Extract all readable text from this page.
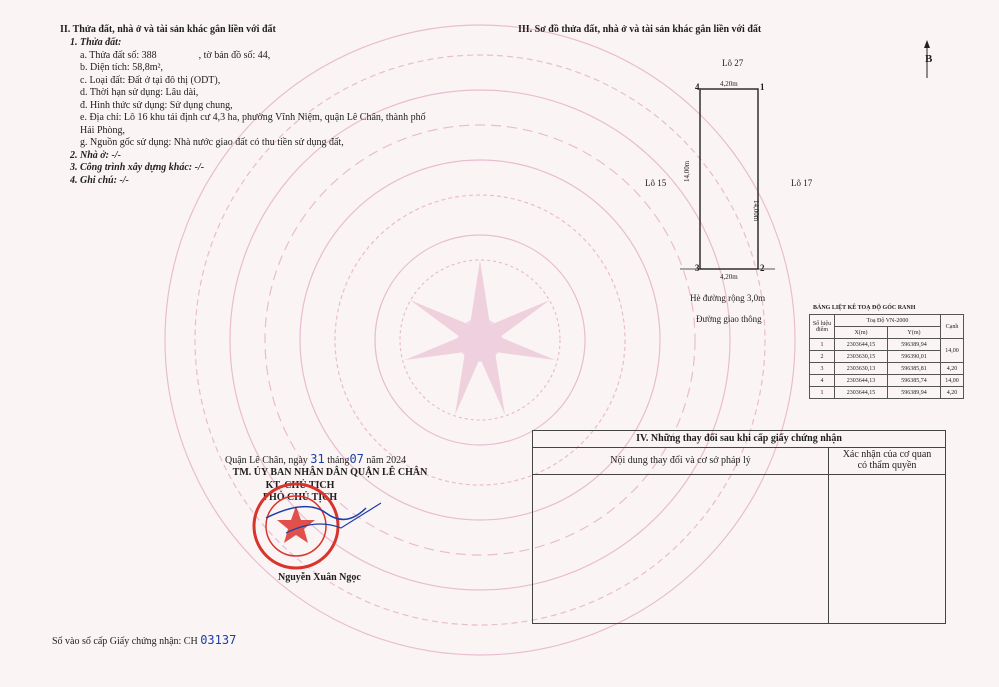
II. Thửa đất, nhà ở và tài sản khác gắn liền với đất
1. Thửa đất:
a. Thửa đất số: 388	, tờ bản đồ số: 44,
b. Diện tích: 58,8m²,
c. Loại đất: Đất ở tại đô thị (ODT),
d. Thời hạn sử dụng: Lâu dài,
đ. Hình thức sử dụng: Sử dụng chung,
e. Địa chỉ: Lô 16 khu tái định cư 4,3 ha, phường Vĩnh Niệm, quận Lê Chân, thành phố
Hải Phòng,
g. Nguồn gốc sử dụng: Nhà nước giao đất có thu tiền sử dụng đất,
2. Nhà ở: -/-
3. Công trình xây dựng khác: -/-
4. Ghi chú: -/-
III. Sơ đồ thửa đất, nhà ở và tài sản khác gắn liền với đất
B
Lô 27
Lô 15	Lô 17
4,20m
4,20m
14,00m
14,00m
1
2
3
4
Hè đường rộng 3,0m
Đường giao thông
BẢNG LIỆT KÊ TOẠ ĐỘ GÓC RANH
Số hiệu điểm	Toạ Độ VN-2000		Cạnh
	X(m)	Y(m)	
1	2303644,15	596389,94	14,00
2	2303630,15	596390,01	
3	2303630,13	596385,81	4,20
4	2303644,13	596385,74	14,00
1	2303644,15	596389,94	4,20
Quận Lê Chân, ngày 31 tháng07 năm 2024
TM. ỦY BAN NHÂN DÂN QUẬN LÊ CHÂN
KT. CHỦ TỊCH
PHÓ CHỦ TỊCH
Nguyễn Xuân Ngọc
IV. Những thay đổi sau khi cấp giấy chứng nhận
Nội dung thay đổi và cơ sở pháp lý
Xác nhận của cơ quan
có thẩm quyền
Số vào sổ cấp Giấy chứng nhận: CH 03137
